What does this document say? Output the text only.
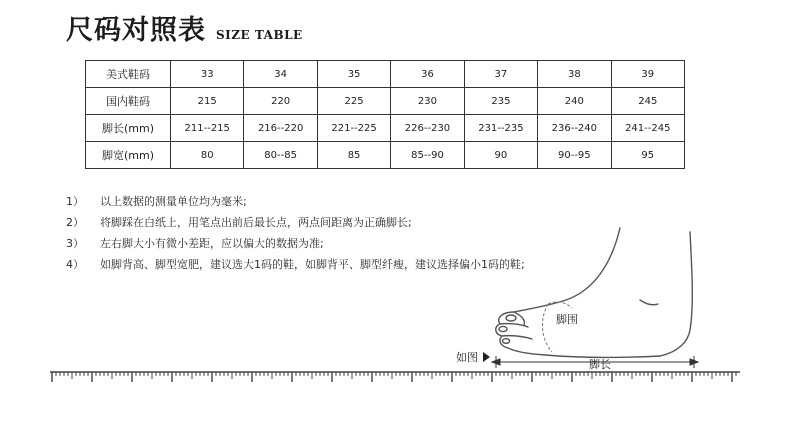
尺码对照表 SIZE TABLE
美式鞋码	33	34	35	36	37	38	39
国内鞋码	215	220	225	230	235	240	245
脚长(mm)	211--215	216--220	221--225	226--230	231--235	236--240	241--245
脚宽(mm)	80	80--85	85	85--90	90	90--95	95
1） 以上数据的测量单位均为毫米;
2） 将脚踩在白纸上，用笔点出前后最长点，两点间距离为正确脚长;
3） 左右脚大小有微小差距，应以偏大的数据为准;
4） 如脚背高、脚型宽肥，建议选大1码的鞋，如脚背平、脚型纤瘦，建议选择偏小1码的鞋;
如图
脚围
脚长
